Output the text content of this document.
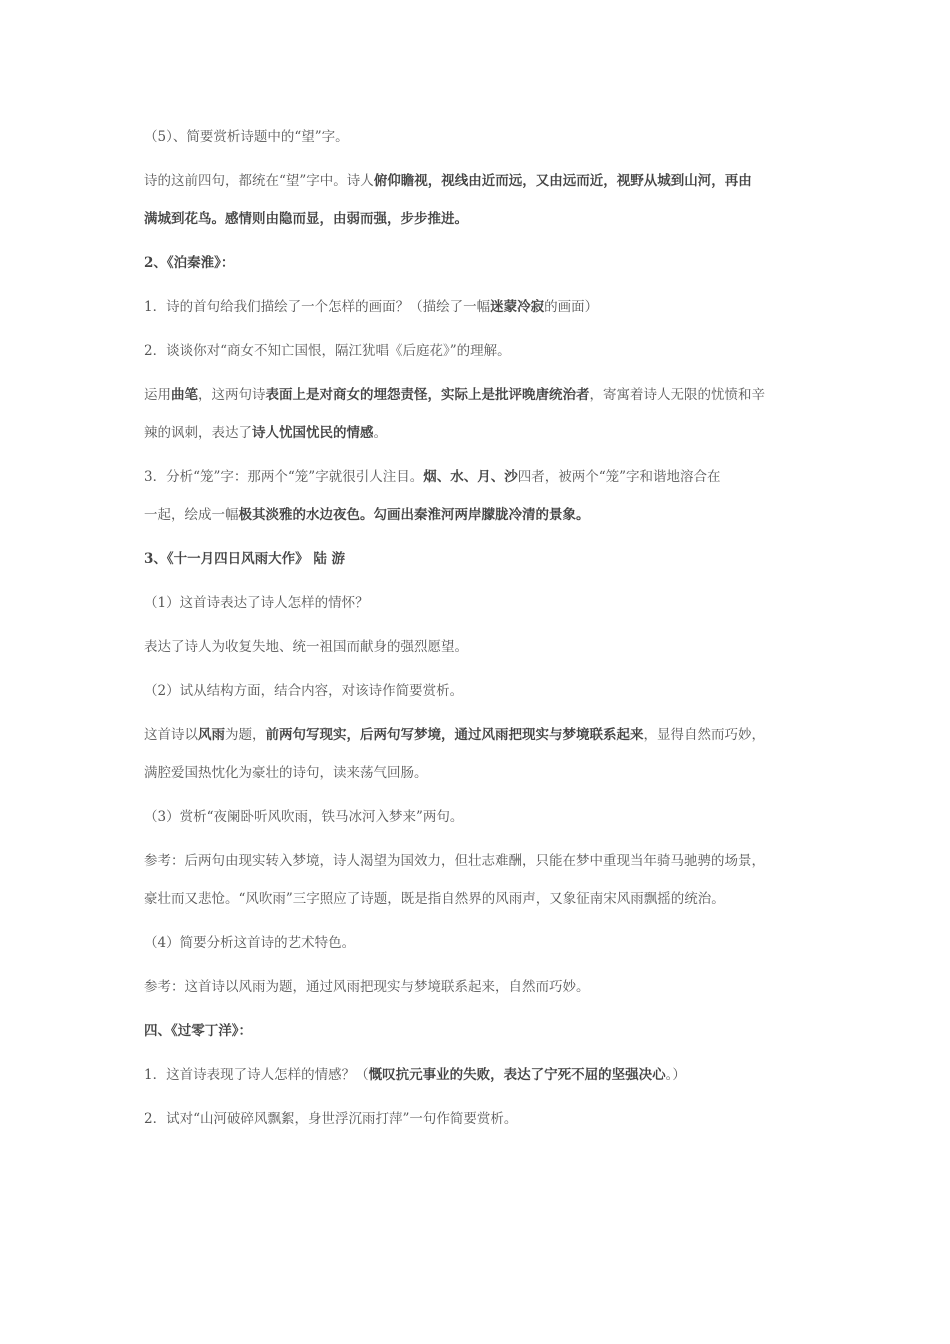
（5）、简要赏析诗题中的“望”字。

诗的这前四句，都统在“望”字中。诗人俯仰瞻视，视线由近而远，又由远而近，视野从城到山河，再由
满城到花鸟。感情则由隐而显，由弱而强，步步推进。

2、《泊秦淮》：

1．诗的首句给我们描绘了一个怎样的画面？（描绘了一幅迷蒙冷寂的画面）

2．谈谈你对“商女不知亡国恨，隔江犹唱《后庭花》”的理解。

运用曲笔，这两句诗表面上是对商女的埋怨责怪，实际上是批评晚唐统治者，寄寓着诗人无限的忧愤和辛
辣的讽刺，表达了诗人忧国忧民的情感。

3．分析“笼”字：那两个“笼”字就很引人注目。烟、水、月、沙四者，被两个“笼”字和谐地溶合在
一起，绘成一幅极其淡雅的水边夜色。勾画出秦淮河两岸朦胧冷清的景象。

3、《十一月四日风雨大作》 陆 游

（1）这首诗表达了诗人怎样的情怀？

表达了诗人为收复失地、统一祖国而献身的强烈愿望。

（2）试从结构方面，结合内容，对该诗作简要赏析。

这首诗以风雨为题，前两句写现实，后两句写梦境，通过风雨把现实与梦境联系起来，显得自然而巧妙，
满腔爱国热忱化为豪壮的诗句，读来荡气回肠。

（3）赏析“夜阑卧听风吹雨，铁马冰河入梦来”两句。

参考：后两句由现实转入梦境，诗人渴望为国效力，但壮志难酬，只能在梦中重现当年骑马驰骋的场景，
豪壮而又悲怆。“风吹雨”三字照应了诗题，既是指自然界的风雨声，又象征南宋风雨飘摇的统治。

（4）简要分析这首诗的艺术特色。

参考：这首诗以风雨为题，通过风雨把现实与梦境联系起来，自然而巧妙。

四、《过零丁洋》：

1．这首诗表现了诗人怎样的情感？（慨叹抗元事业的失败，表达了宁死不屈的坚强决心。）

2．试对“山河破碎风飘絮，身世浮沉雨打萍”一句作简要赏析。
